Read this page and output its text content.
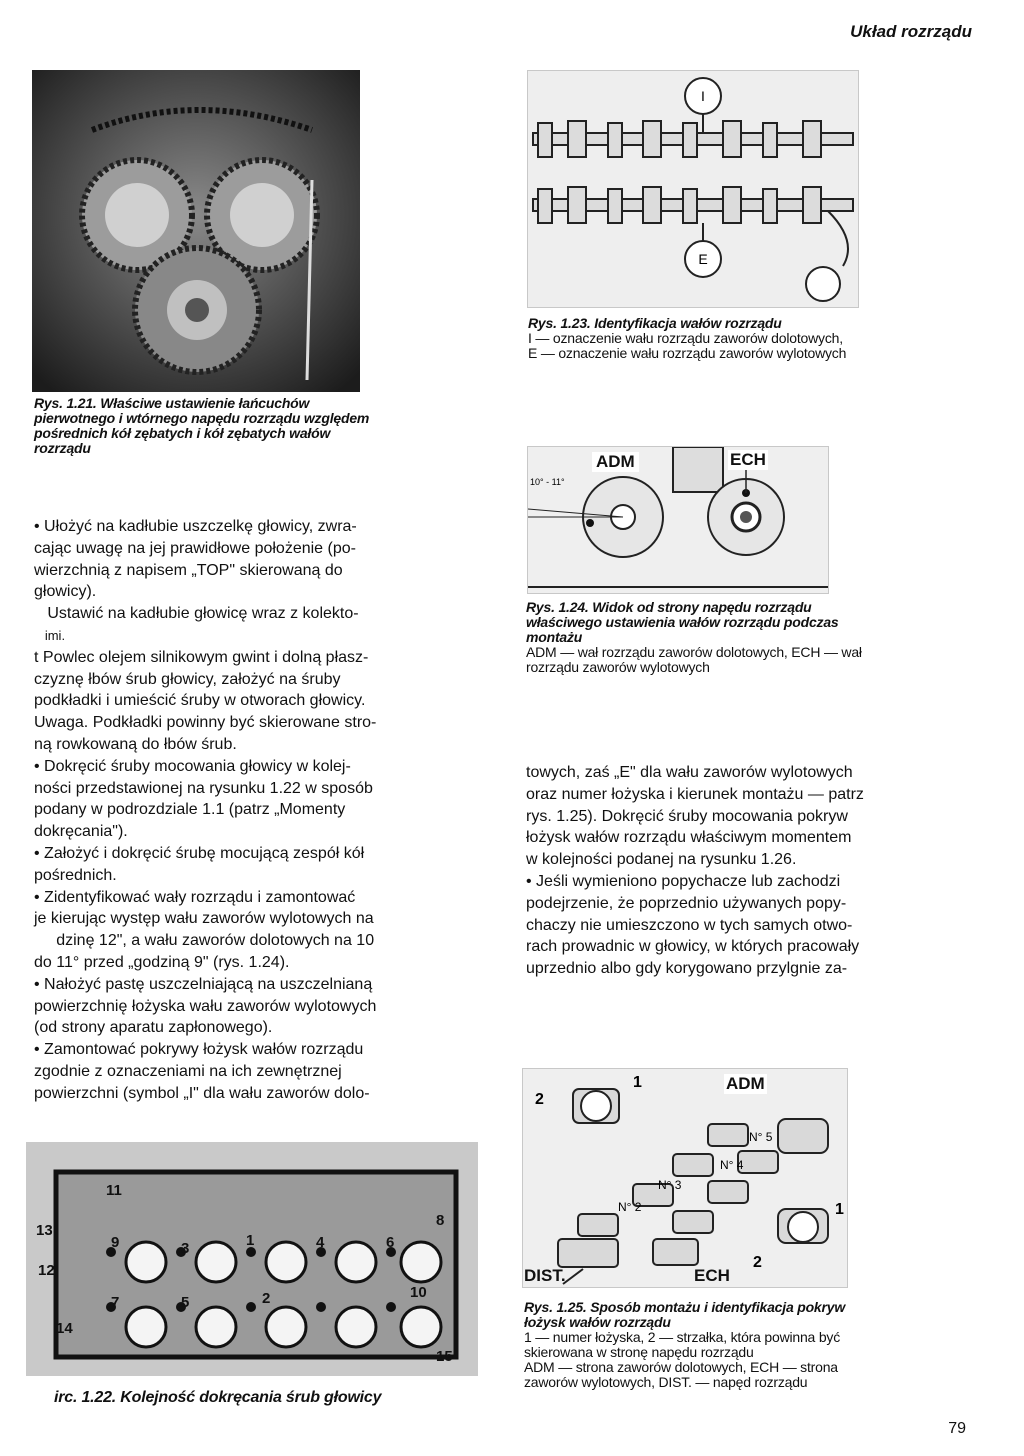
Układ rozrządu
Rys. 1.21. Właściwe ustawienie łańcuchów
pierwotnego i wtórnego napędu rozrządu względem
pośrednich kół zębatych i kół zębatych wałów
rozrządu
I
E
Rys. 1.23. Identyfikacja wałów rozrządu
I — oznaczenie wału rozrządu zaworów dolotowych,
E — oznaczenie wału rozrządu zaworów wylotowych
10° - 11°
ADM	ECH
Rys. 1.24. Widok od strony napędu rozrządu
właściwego ustawienia wałów rozrządu podczas
montażu
ADM — wał rozrządu zaworów dolotowych, ECH — wał
rozrządu zaworów wylotowych

• Ułożyć na kadłubie uszczelkę głowicy, zwra-

cając uwagę na jej prawidłowe położenie (po-

wierzchnią z napisem „TOP" skierowaną do

głowicy).

Ustawić na kadłubie głowicę wraz z kolekto-

imi.

t Powlec olejem silnikowym gwint i dolną płasz-

czyznę łbów śrub głowicy, założyć na śruby

podkładki i umieścić śruby w otworach głowicy.

Uwaga. Podkładki powinny być skierowane stro-

ną rowkowaną do łbów śrub.

• Dokręcić śruby mocowania głowicy w kolej-

ności przedstawionej na rysunku 1.22 w sposób

podany w podrozdziale 1.1 (patrz „Momenty

dokręcania").

• Założyć i dokręcić śrubę mocującą zespół kół

pośrednich.

• Zidentyfikować wały rozrządu i zamontować

je kierując występ wału zaworów wylotowych na

dzinę 12", a wału zaworów dolotowych na 10

do 11° przed „godziną 9" (rys. 1.24).

• Nałożyć pastę uszczelniającą na uszczelnianą

powierzchnię łożyska wału zaworów wylotowych

(od strony aparatu zapłonowego).

• Zamontować pokrywy łożysk wałów rozrządu

zgodnie z oznaczeniami na ich zewnętrznej

powierzchni (symbol „I" dla wału zaworów dolo-

towych, zaś „E" dla wału zaworów wylotowych

oraz numer łożyska i kierunek montażu — patrz

rys. 1.25). Dokręcić śruby mocowania pokryw

łożysk wałów rozrządu właściwym momentem

w kolejności podanej na rysunku 1.26.

• Jeśli wymieniono popychacze lub zachodzi

podejrzenie, że poprzednio używanych popy-

chaczy nie umieszczono w tych samych otwo-

rach prowadnic w głowicy, w których pracowały

uprzednio albo gdy korygowano przylgnie za-

2
1
1
2
N° 5
N° 4
N° 3
N° 2
ADM
DIST.	ECH
Rys. 1.25. Sposób montażu i identyfikacja pokryw
łożysk wałów rozrządu
1 — numer łożyska, 2 — strzałka, która powinna być
skierowana w stronę napędu rozrządu
ADM — strona zaworów dolotowych, ECH — strona
zaworów wylotowych, DIST. — napęd rozrządu
11
13
9	3	1	4	6
8
12
7	5	2	10
14
15
irc. 1.22. Kolejność dokręcania śrub głowicy
79
